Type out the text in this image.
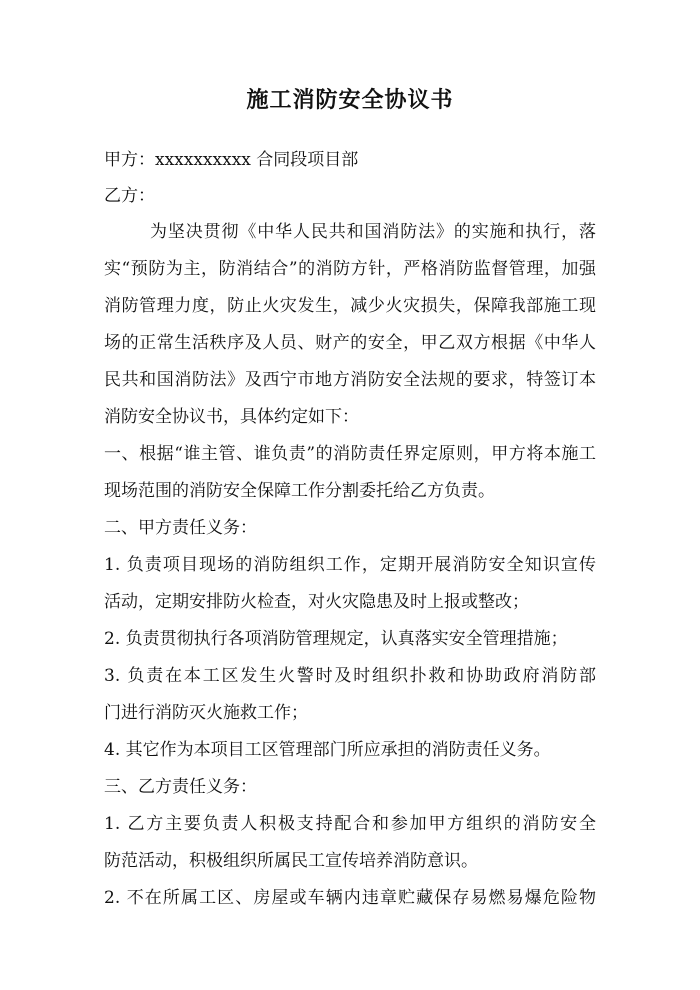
施工消防安全协议书
甲方：xxxxxxxxxx 合同段项目部
乙方：
为坚决贯彻《中华人民共和国消防法》的实施和执行，落
实“预防为主，防消结合”的消防方针，严格消防监督管理，加强
消防管理力度，防止火灾发生，减少火灾损失，保障我部施工现
场的正常生活秩序及人员、财产的安全，甲乙双方根据《中华人
民共和国消防法》及西宁市地方消防安全法规的要求，特签订本
消防安全协议书，具体约定如下：
一、根据“谁主管、谁负责”的消防责任界定原则，甲方将本施工
现场范围的消防安全保障工作分割委托给乙方负责。
二、甲方责任义务：
1. 负责项目现场的消防组织工作，定期开展消防安全知识宣传
活动，定期安排防火检查，对火灾隐患及时上报或整改；
2. 负责贯彻执行各项消防管理规定，认真落实安全管理措施；
3. 负责在本工区发生火警时及时组织扑救和协助政府消防部
门进行消防灭火施救工作；
4. 其它作为本项目工区管理部门所应承担的消防责任义务。
三、乙方责任义务：
1. 乙方主要负责人积极支持配合和参加甲方组织的消防安全
防范活动，积极组织所属民工宣传培养消防意识。
2. 不在所属工区、房屋或车辆内违章贮藏保存易燃易爆危险物
